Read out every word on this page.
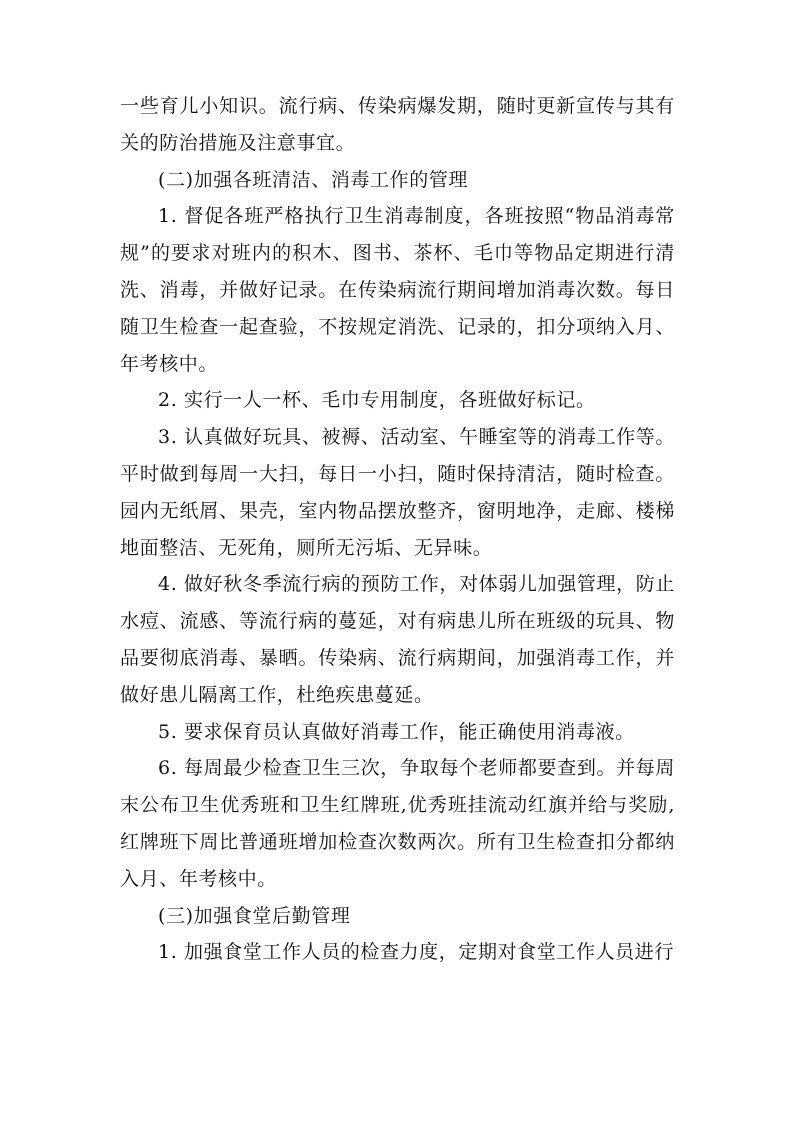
一些育儿小知识。流行病、传染病爆发期，随时更新宣传与其有关的防治措施及注意事宜。

(二)加强各班清洁、消毒工作的管理

1. 督促各班严格执行卫生消毒制度，各班按照“物品消毒常规”的要求对班内的积木、图书、茶杯、毛巾等物品定期进行清洗、消毒，并做好记录。在传染病流行期间增加消毒次数。每日随卫生检查一起查验，不按规定消洗、记录的，扣分项纳入月、年考核中。

2. 实行一人一杯、毛巾专用制度，各班做好标记。

3. 认真做好玩具、被褥、活动室、午睡室等的消毒工作等。平时做到每周一大扫，每日一小扫，随时保持清洁，随时检查。园内无纸屑、果壳，室内物品摆放整齐，窗明地净，走廊、楼梯地面整洁、无死角，厕所无污垢、无异味。

4. 做好秋冬季流行病的预防工作，对体弱儿加强管理，防止水痘、流感、等流行病的蔓延，对有病患儿所在班级的玩具、物品要彻底消毒、暴晒。传染病、流行病期间，加强消毒工作，并做好患儿隔离工作，杜绝疾患蔓延。

5. 要求保育员认真做好消毒工作，能正确使用消毒液。

6. 每周最少检查卫生三次，争取每个老师都要查到。并每周末公布卫生优秀班和卫生红牌班,优秀班挂流动红旗并给与奖励,红牌班下周比普通班增加检查次数两次。所有卫生检查扣分都纳入月、年考核中。

(三)加强食堂后勤管理

1. 加强食堂工作人员的检查力度，定期对食堂工作人员进行
